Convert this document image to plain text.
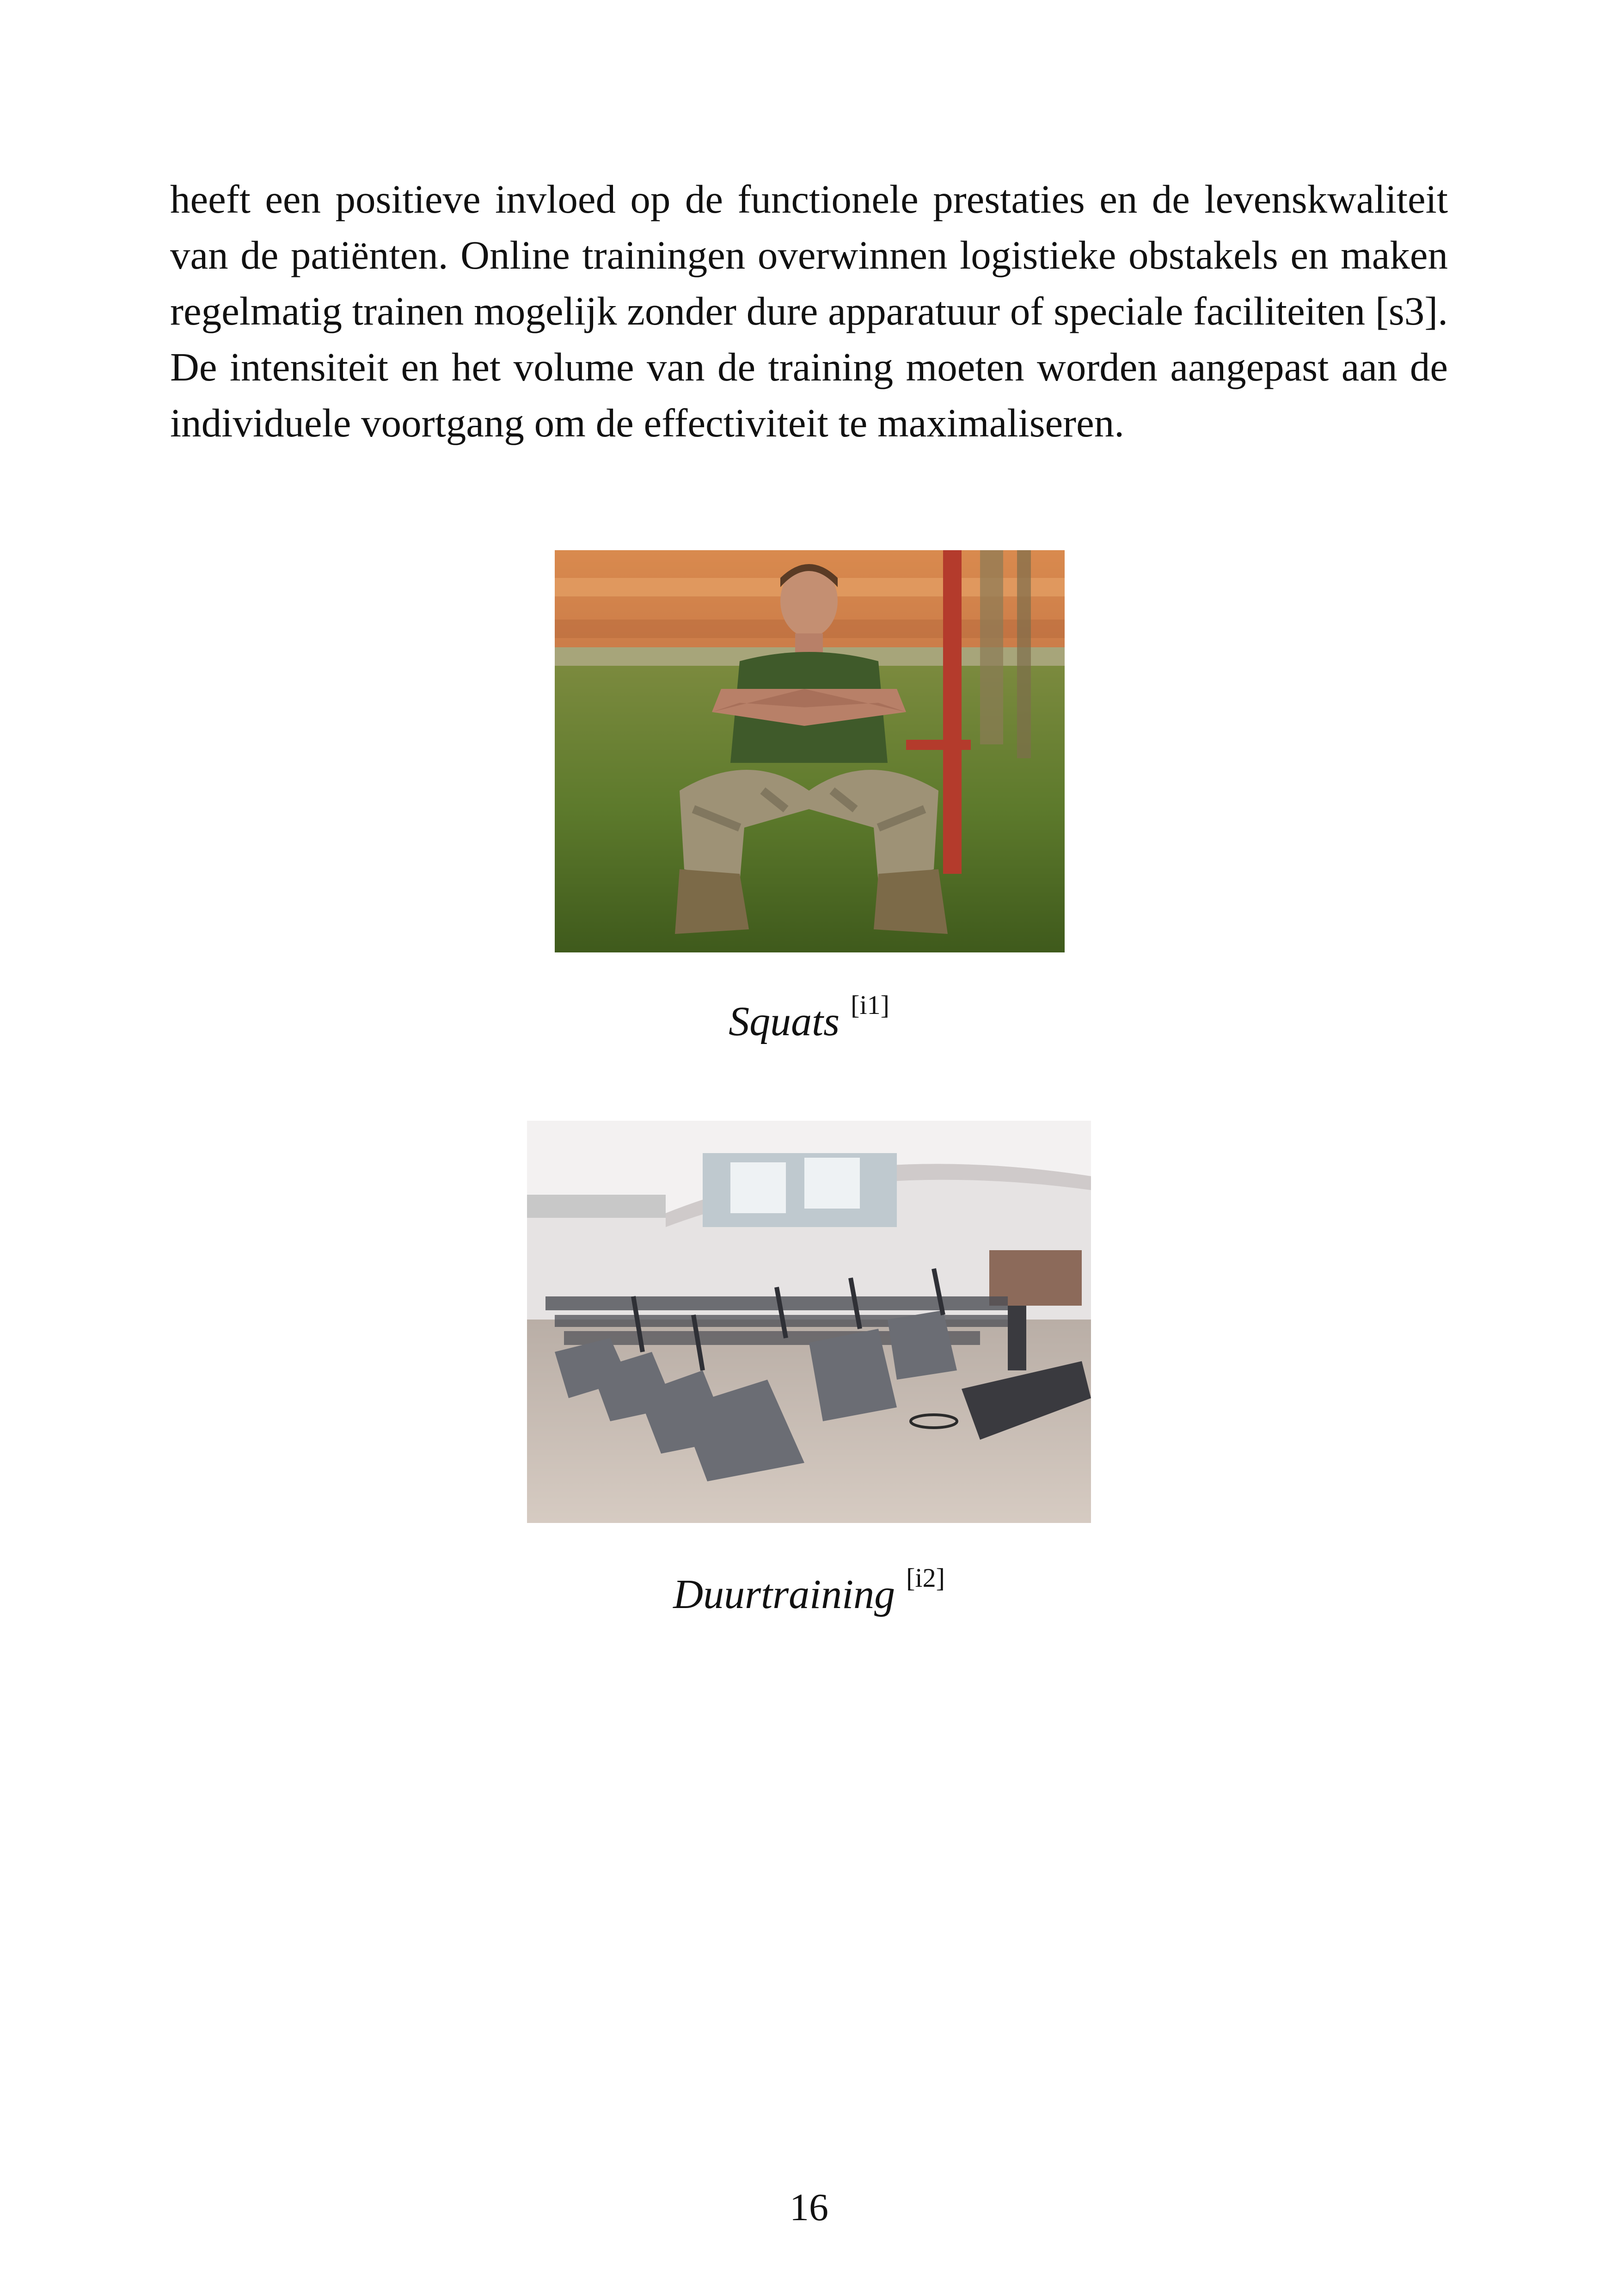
heeft een positieve invloed op de functionele prestaties en de levenskwaliteit van de patiënten. Online trainingen overwinnen logistieke obstakels en maken regelmatig trainen mogelijk zonder dure apparatuur of speciale faciliteiten [s3]. De intensiteit en het volume van de training moeten worden aangepast aan de individuele voortgang om de effectiviteit te maximaliseren.

Squats [i1]
Duurtraining [i2]
16
